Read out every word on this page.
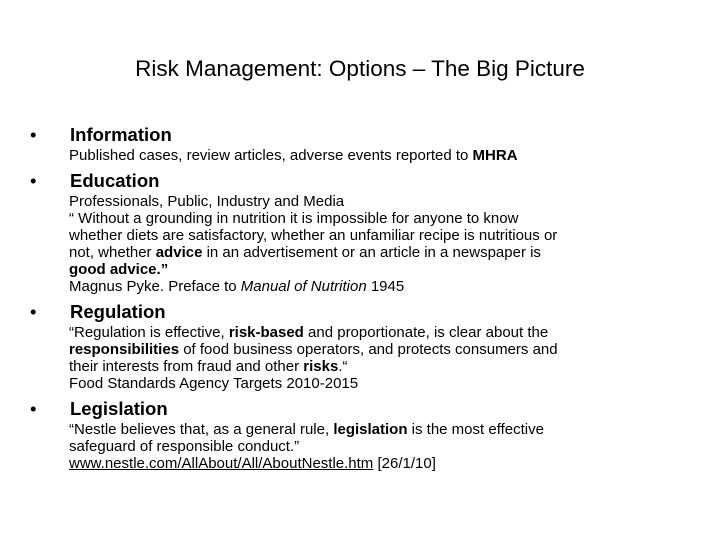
Risk Management: Options – The Big Picture
• Information
Published cases, review articles, adverse events reported to MHRA
• Education
Professionals, Public, Industry and Media
“ Without a grounding in nutrition it is impossible for anyone to know
whether diets are satisfactory, whether an unfamiliar recipe is nutritious or
not, whether advice in an advertisement or an article in a newspaper is
good advice.”
Magnus Pyke. Preface to Manual of Nutrition 1945
• Regulation
“Regulation is effective, risk-based and proportionate, is clear about the
responsibilities of food business operators, and protects consumers and
their interests from fraud and other risks.“
Food Standards Agency Targets 2010-2015
• Legislation
“Nestle believes that, as a general rule, legislation is the most effective
safeguard of responsible conduct.”
www.nestle.com/AllAbout/All/AboutNestle.htm [26/1/10]
